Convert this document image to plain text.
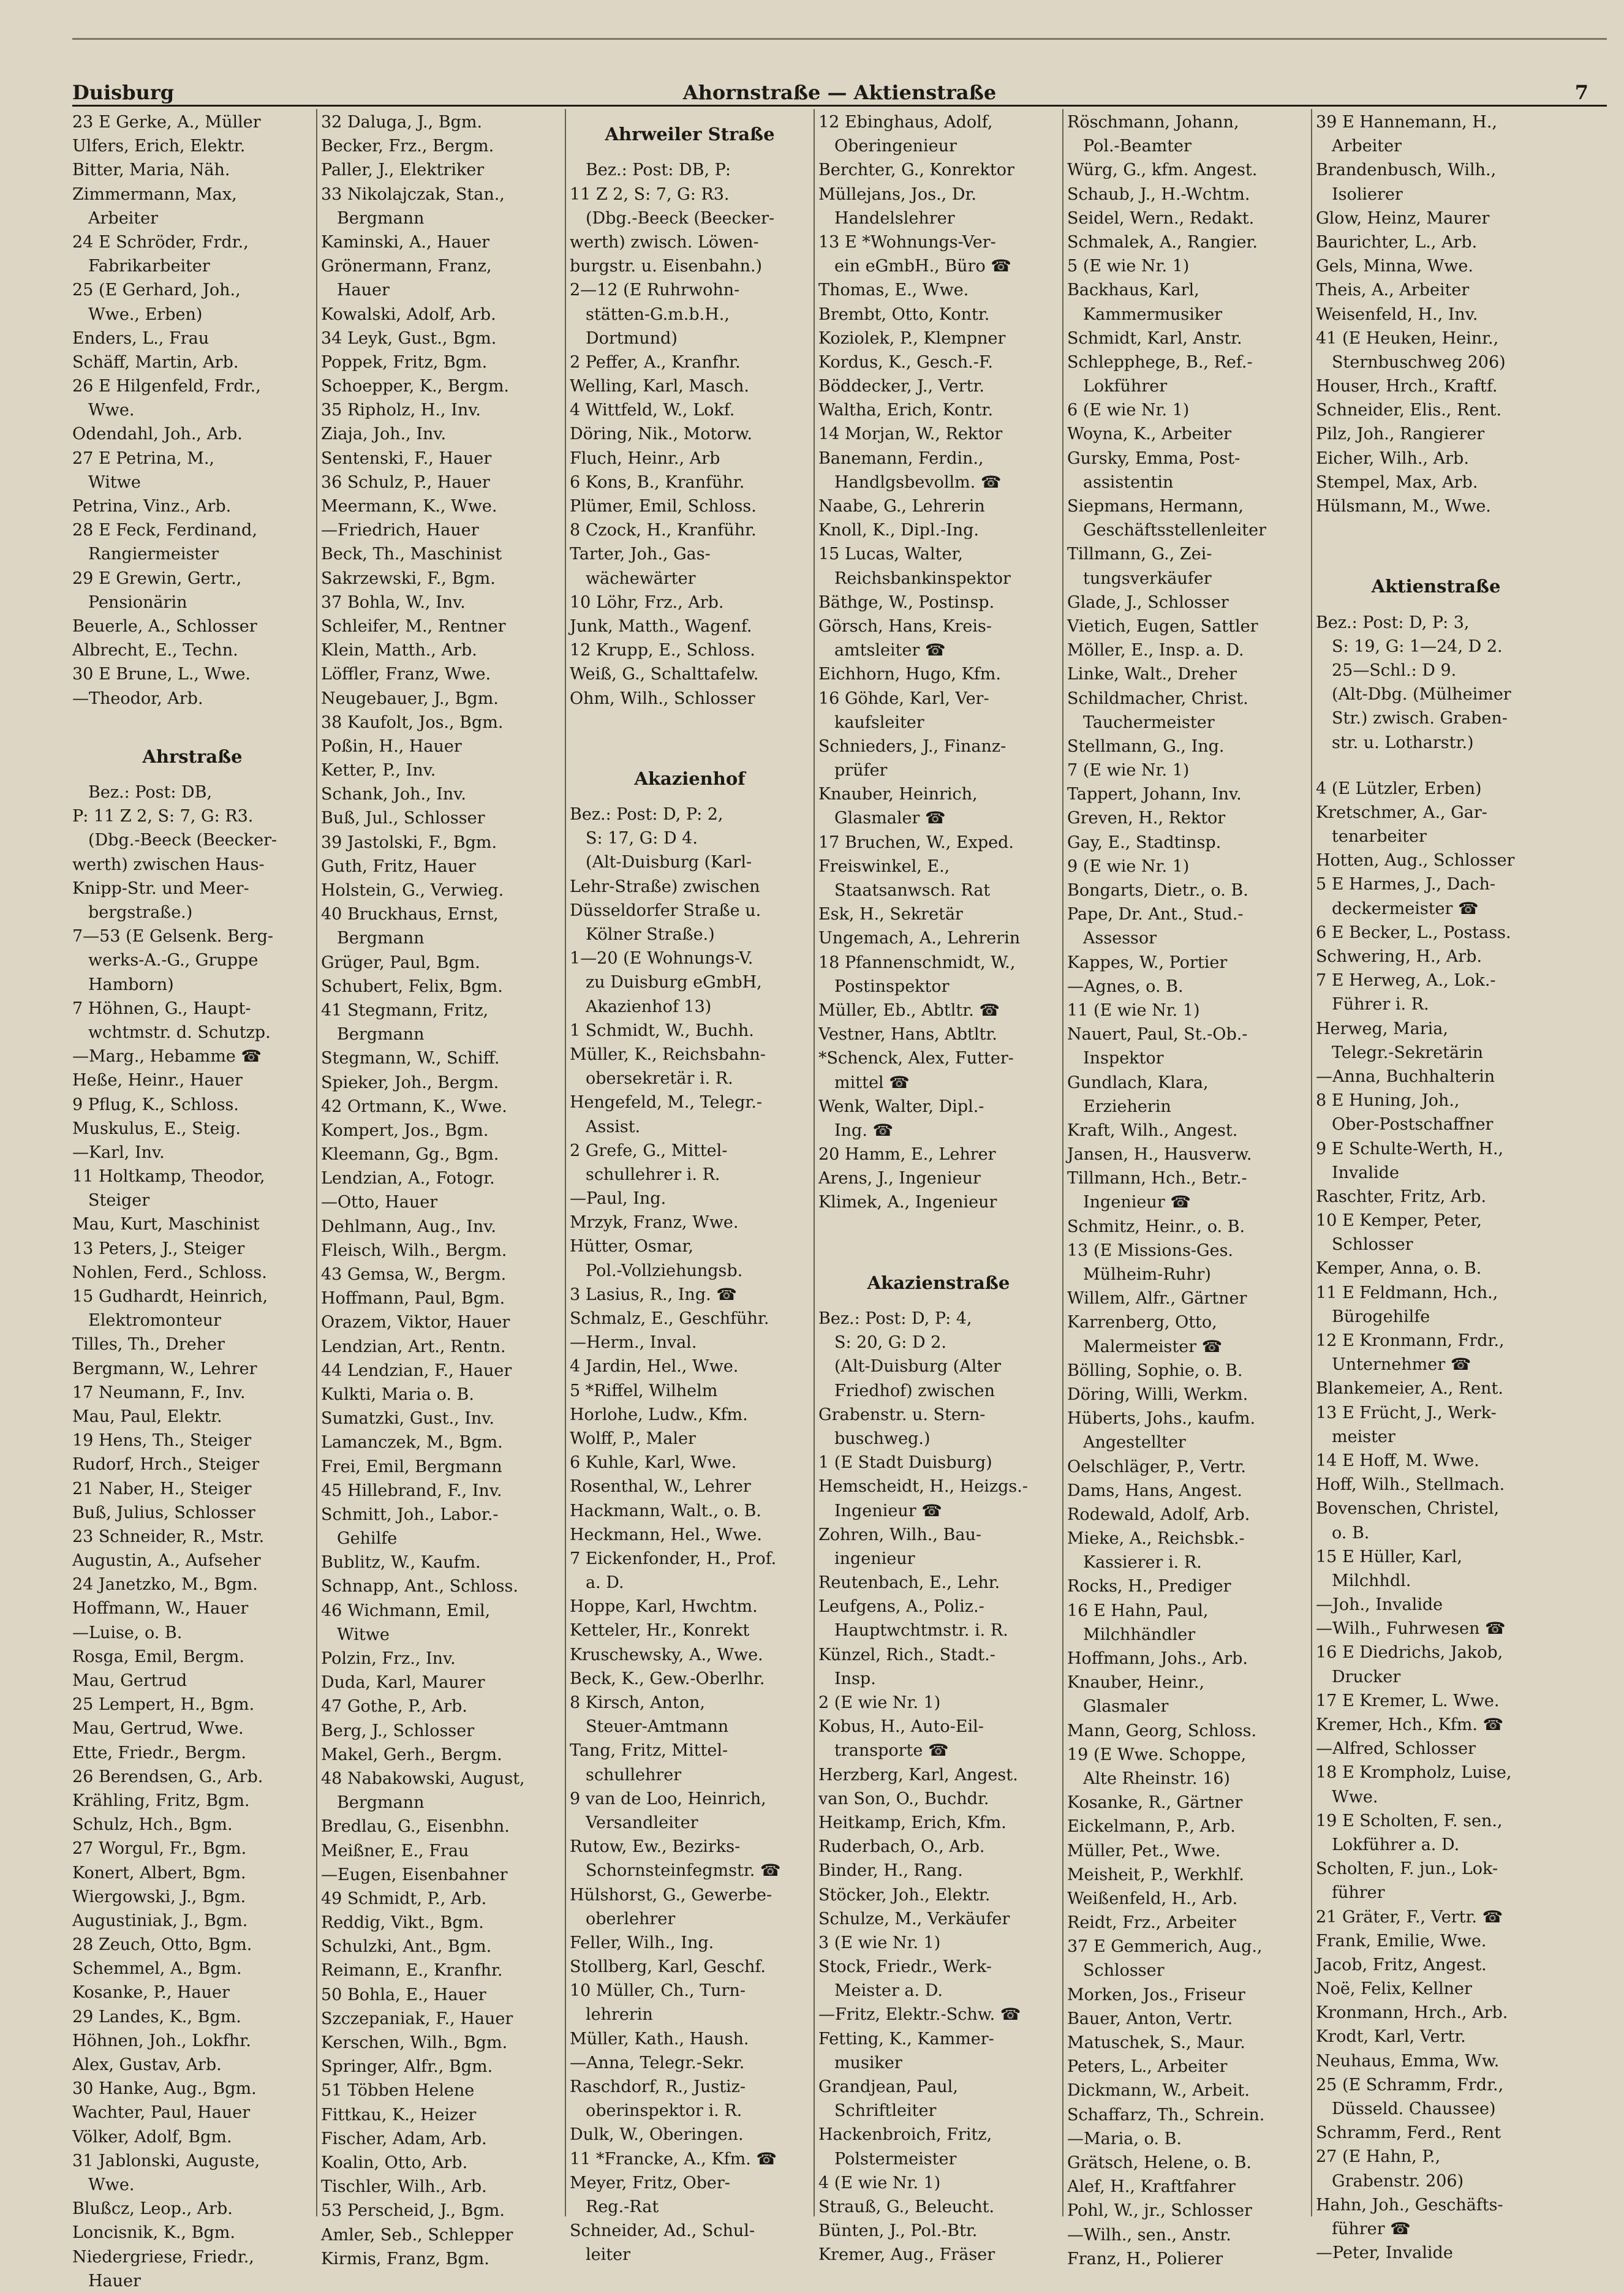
Duisburg	Ahornstraße — Aktienstraße	7
23 E Gerke, A., Müller
Ulfers, Erich, Elektr.
Bitter, Maria, Näh.
Zimmermann, Max,
Arbeiter
24 E Schröder, Frdr.,
Fabrikarbeiter
25 (E Gerhard, Joh.,
Wwe., Erben)
Enders, L., Frau
Schäff, Martin, Arb.
26 E Hilgenfeld, Frdr.,
Wwe.
Odendahl, Joh., Arb.
27 E Petrina, M.,
Witwe
Petrina, Vinz., Arb.
28 E Feck, Ferdinand,
Rangiermeister
29 E Grewin, Gertr.,
Pensionärin
Beuerle, A., Schlosser
Albrecht, E., Techn.
30 E Brune, L., Wwe.
—Theodor, Arb.
Ahrstraße
Bez.: Post: DB,
P: 11 Z 2, S: 7, G: R3.
(Dbg.-Beeck (Beecker-
werth) zwischen Haus-
Knipp-Str. und Meer-
bergstraße.)
7—53 (E Gelsenk. Berg-
werks-A.-G., Gruppe
Hamborn)
7 Höhnen, G., Haupt-
wchtmstr. d. Schutzp.
—Marg., Hebamme ☎
Heße, Heinr., Hauer
9 Pflug, K., Schloss.
Muskulus, E., Steig.
—Karl, Inv.
11 Holtkamp, Theodor,
Steiger
Mau, Kurt, Maschinist
13 Peters, J., Steiger
Nohlen, Ferd., Schloss.
15 Gudhardt, Heinrich,
Elektromonteur
Tilles, Th., Dreher
Bergmann, W., Lehrer
17 Neumann, F., Inv.
Mau, Paul, Elektr.
19 Hens, Th., Steiger
Rudorf, Hrch., Steiger
21 Naber, H., Steiger
Buß, Julius, Schlosser
23 Schneider, R., Mstr.
Augustin, A., Aufseher
24 Janetzko, M., Bgm.
Hoffmann, W., Hauer
—Luise, o. B.
Rosga, Emil, Bergm.
Mau, Gertrud
25 Lempert, H., Bgm.
Mau, Gertrud, Wwe.
Ette, Friedr., Bergm.
26 Berendsen, G., Arb.
Krähling, Fritz, Bgm.
Schulz, Hch., Bgm.
27 Worgul, Fr., Bgm.
Konert, Albert, Bgm.
Wiergowski, J., Bgm.
Augustiniak, J., Bgm.
28 Zeuch, Otto, Bgm.
Schemmel, A., Bgm.
Kosanke, P., Hauer
29 Landes, K., Bgm.
Höhnen, Joh., Lokfhr.
Alex, Gustav, Arb.
30 Hanke, Aug., Bgm.
Wachter, Paul, Hauer
Völker, Adolf, Bgm.
31 Jablonski, Auguste,
Wwe.
Blußcz, Leop., Arb.
Loncisnik, K., Bgm.
Niedergriese, Friedr.,
Hauer
32 Daluga, J., Bgm.
Becker, Frz., Bergm.
Paller, J., Elektriker
33 Nikolajczak, Stan.,
Bergmann
Kaminski, A., Hauer
Grönermann, Franz,
Hauer
Kowalski, Adolf, Arb.
34 Leyk, Gust., Bgm.
Poppek, Fritz, Bgm.
Schoepper, K., Bergm.
35 Ripholz, H., Inv.
Ziaja, Joh., Inv.
Sentenski, F., Hauer
36 Schulz, P., Hauer
Meermann, K., Wwe.
—Friedrich, Hauer
Beck, Th., Maschinist
Sakrzewski, F., Bgm.
37 Bohla, W., Inv.
Schleifer, M., Rentner
Klein, Matth., Arb.
Löffler, Franz, Wwe.
Neugebauer, J., Bgm.
38 Kaufolt, Jos., Bgm.
Poßin, H., Hauer
Ketter, P., Inv.
Schank, Joh., Inv.
Buß, Jul., Schlosser
39 Jastolski, F., Bgm.
Guth, Fritz, Hauer
Holstein, G., Verwieg.
40 Bruckhaus, Ernst,
Bergmann
Grüger, Paul, Bgm.
Schubert, Felix, Bgm.
41 Stegmann, Fritz,
Bergmann
Stegmann, W., Schiff.
Spieker, Joh., Bergm.
42 Ortmann, K., Wwe.
Kompert, Jos., Bgm.
Kleemann, Gg., Bgm.
Lendzian, A., Fotogr.
—Otto, Hauer
Dehlmann, Aug., Inv.
Fleisch, Wilh., Bergm.
43 Gemsa, W., Bergm.
Hoffmann, Paul, Bgm.
Orazem, Viktor, Hauer
Lendzian, Art., Rentn.
44 Lendzian, F., Hauer
Kulkti, Maria o. B.
Sumatzki, Gust., Inv.
Lamanczek, M., Bgm.
Frei, Emil, Bergmann
45 Hillebrand, F., Inv.
Schmitt, Joh., Labor.-
Gehilfe
Bublitz, W., Kaufm.
Schnapp, Ant., Schloss.
46 Wichmann, Emil,
Witwe
Polzin, Frz., Inv.
Duda, Karl, Maurer
47 Gothe, P., Arb.
Berg, J., Schlosser
Makel, Gerh., Bergm.
48 Nabakowski, August,
Bergmann
Bredlau, G., Eisenbhn.
Meißner, E., Frau
—Eugen, Eisenbahner
49 Schmidt, P., Arb.
Reddig, Vikt., Bgm.
Schulzki, Ant., Bgm.
Reimann, E., Kranfhr.
50 Bohla, E., Hauer
Szczepaniak, F., Hauer
Kerschen, Wilh., Bgm.
Springer, Alfr., Bgm.
51 Többen Helene
Fittkau, K., Heizer
Fischer, Adam, Arb.
Koalin, Otto, Arb.
Tischler, Wilh., Arb.
53 Perscheid, J., Bgm.
Amler, Seb., Schlepper
Kirmis, Franz, Bgm.
Ahrweiler Straße
Bez.: Post: DB, P:
11 Z 2, S: 7, G: R3.
(Dbg.-Beeck (Beecker-
werth) zwisch. Löwen-
burgstr. u. Eisenbahn.)
2—12 (E Ruhrwohn-
stätten-G.m.b.H.,
Dortmund)
2 Peffer, A., Kranfhr.
Welling, Karl, Masch.
4 Wittfeld, W., Lokf.
Döring, Nik., Motorw.
Fluch, Heinr., Arb
6 Kons, B., Kranführ.
Plümer, Emil, Schloss.
8 Czock, H., Kranführ.
Tarter, Joh., Gas-
wächewärter
10 Löhr, Frz., Arb.
Junk, Matth., Wagenf.
12 Krupp, E., Schloss.
Weiß, G., Schalttafelw.
Ohm, Wilh., Schlosser
Akazienhof
Bez.: Post: D, P: 2,
S: 17, G: D 4.
(Alt-Duisburg (Karl-
Lehr-Straße) zwischen
Düsseldorfer Straße u.
Kölner Straße.)
1—20 (E Wohnungs-V.
zu Duisburg eGmbH,
Akazienhof 13)
1 Schmidt, W., Buchh.
Müller, K., Reichsbahn-
obersekretär i. R.
Hengefeld, M., Telegr.-
Assist.
2 Grefe, G., Mittel-
schullehrer i. R.
—Paul, Ing.
Mrzyk, Franz, Wwe.
Hütter, Osmar,
Pol.-Vollziehungsb.
3 Lasius, R., Ing. ☎
Schmalz, E., Geschführ.
—Herm., Inval.
4 Jardin, Hel., Wwe.
5 *Riffel, Wilhelm
Horlohe, Ludw., Kfm.
Wolff, P., Maler
6 Kuhle, Karl, Wwe.
Rosenthal, W., Lehrer
Hackmann, Walt., o. B.
Heckmann, Hel., Wwe.
7 Eickenfonder, H., Prof.
a. D.
Hoppe, Karl, Hwchtm.
Ketteler, Hr., Konrekt
Kruschewsky, A., Wwe.
Beck, K., Gew.-Oberlhr.
8 Kirsch, Anton,
Steuer-Amtmann
Tang, Fritz, Mittel-
schullehrer
9 van de Loo, Heinrich,
Versandleiter
Rutow, Ew., Bezirks-
Schornsteinfegmstr. ☎
Hülshorst, G., Gewerbe-
oberlehrer
Feller, Wilh., Ing.
Stollberg, Karl, Geschf.
10 Müller, Ch., Turn-
lehrerin
Müller, Kath., Haush.
—Anna, Telegr.-Sekr.
Raschdorf, R., Justiz-
oberinspektor i. R.
Dulk, W., Oberingen.
11 *Francke, A., Kfm. ☎
Meyer, Fritz, Ober-
Reg.-Rat
Schneider, Ad., Schul-
leiter
12 Ebinghaus, Adolf,
Oberingenieur
Berchter, G., Konrektor
Müllejans, Jos., Dr.
Handelslehrer
13 E *Wohnungs-Ver-
ein eGmbH., Büro ☎
Thomas, E., Wwe.
Brembt, Otto, Kontr.
Koziolek, P., Klempner
Kordus, K., Gesch.-F.
Böddecker, J., Vertr.
Waltha, Erich, Kontr.
14 Morjan, W., Rektor
Banemann, Ferdin.,
Handlgsbevollm. ☎
Naabe, G., Lehrerin
Knoll, K., Dipl.-Ing.
15 Lucas, Walter,
Reichsbankinspektor
Bäthge, W., Postinsp.
Görsch, Hans, Kreis-
amtsleiter ☎
Eichhorn, Hugo, Kfm.
16 Göhde, Karl, Ver-
kaufsleiter
Schnieders, J., Finanz-
prüfer
Knauber, Heinrich,
Glasmaler ☎
17 Bruchen, W., Exped.
Freiswinkel, E.,
Staatsanwsch. Rat
Esk, H., Sekretär
Ungemach, A., Lehrerin
18 Pfannenschmidt, W.,
Postinspektor
Müller, Eb., Abtltr. ☎
Vestner, Hans, Abtltr.
*Schenck, Alex, Futter-
mittel ☎
Wenk, Walter, Dipl.-
Ing. ☎
20 Hamm, E., Lehrer
Arens, J., Ingenieur
Klimek, A., Ingenieur
Akazienstraße
Bez.: Post: D, P: 4,
S: 20, G: D 2.
(Alt-Duisburg (Alter
Friedhof) zwischen
Grabenstr. u. Stern-
buschweg.)
1 (E Stadt Duisburg)
Hemscheidt, H., Heizgs.-
Ingenieur ☎
Zohren, Wilh., Bau-
ingenieur
Reutenbach, E., Lehr.
Leufgens, A., Poliz.-
Hauptwchtmstr. i. R.
Künzel, Rich., Stadt.-
Insp.
2 (E wie Nr. 1)
Kobus, H., Auto-Eil-
transporte ☎
Herzberg, Karl, Angest.
van Son, O., Buchdr.
Heitkamp, Erich, Kfm.
Ruderbach, O., Arb.
Binder, H., Rang.
Stöcker, Joh., Elektr.
Schulze, M., Verkäufer
3 (E wie Nr. 1)
Stock, Friedr., Werk-
Meister a. D.
—Fritz, Elektr.-Schw. ☎
Fetting, K., Kammer-
musiker
Grandjean, Paul,
Schriftleiter
Hackenbroich, Fritz,
Polstermeister
4 (E wie Nr. 1)
Strauß, G., Beleucht.
Bünten, J., Pol.-Btr.
Kremer, Aug., Fräser
Röschmann, Johann,
Pol.-Beamter
Würg, G., kfm. Angest.
Schaub, J., H.-Wchtm.
Seidel, Wern., Redakt.
Schmalek, A., Rangier.
5 (E wie Nr. 1)
Backhaus, Karl,
Kammermusiker
Schmidt, Karl, Anstr.
Schlepphege, B., Ref.-
Lokführer
6 (E wie Nr. 1)
Woyna, K., Arbeiter
Gursky, Emma, Post-
assistentin
Siepmans, Hermann,
Geschäftsstellenleiter
Tillmann, G., Zei-
tungsverkäufer
Glade, J., Schlosser
Vietich, Eugen, Sattler
Möller, E., Insp. a. D.
Linke, Walt., Dreher
Schildmacher, Christ.
Tauchermeister
Stellmann, G., Ing.
7 (E wie Nr. 1)
Tappert, Johann, Inv.
Greven, H., Rektor
Gay, E., Stadtinsp.
9 (E wie Nr. 1)
Bongarts, Dietr., o. B.
Pape, Dr. Ant., Stud.-
Assessor
Kappes, W., Portier
—Agnes, o. B.
11 (E wie Nr. 1)
Nauert, Paul, St.-Ob.-
Inspektor
Gundlach, Klara,
Erzieherin
Kraft, Wilh., Angest.
Jansen, H., Hausverw.
Tillmann, Hch., Betr.-
Ingenieur ☎
Schmitz, Heinr., o. B.
13 (E Missions-Ges.
Mülheim-Ruhr)
Willem, Alfr., Gärtner
Karrenberg, Otto,
Malermeister ☎
Bölling, Sophie, o. B.
Döring, Willi, Werkm.
Hüberts, Johs., kaufm.
Angestellter
Oelschläger, P., Vertr.
Dams, Hans, Angest.
Rodewald, Adolf, Arb.
Mieke, A., Reichsbk.-
Kassierer i. R.
Rocks, H., Prediger
16 E Hahn, Paul,
Milchhändler
Hoffmann, Johs., Arb.
Knauber, Heinr.,
Glasmaler
Mann, Georg, Schloss.
19 (E Wwe. Schoppe,
Alte Rheinstr. 16)
Kosanke, R., Gärtner
Eickelmann, P., Arb.
Müller, Pet., Wwe.
Meisheit, P., Werkhlf.
Weißenfeld, H., Arb.
Reidt, Frz., Arbeiter
37 E Gemmerich, Aug.,
Schlosser
Morken, Jos., Friseur
Bauer, Anton, Vertr.
Matuschek, S., Maur.
Peters, L., Arbeiter
Dickmann, W., Arbeit.
Schaffarz, Th., Schrein.
—Maria, o. B.
Grätsch, Helene, o. B.
Alef, H., Kraftfahrer
Pohl, W., jr., Schlosser
—Wilh., sen., Anstr.
Franz, H., Polierer
39 E Hannemann, H.,
Arbeiter
Brandenbusch, Wilh.,
Isolierer
Glow, Heinz, Maurer
Baurichter, L., Arb.
Gels, Minna, Wwe.
Theis, A., Arbeiter
Weisenfeld, H., Inv.
41 (E Heuken, Heinr.,
Sternbuschweg 206)
Houser, Hrch., Kraftf.
Schneider, Elis., Rent.
Pilz, Joh., Rangierer
Eicher, Wilh., Arb.
Stempel, Max, Arb.
Hülsmann, M., Wwe.
Aktienstraße
Bez.: Post: D, P: 3,
S: 19, G: 1—24, D 2.
25—Schl.: D 9.
(Alt-Dbg. (Mülheimer
Str.) zwisch. Graben-
str. u. Lotharstr.)
4 (E Lützler, Erben)
Kretschmer, A., Gar-
tenarbeiter
Hotten, Aug., Schlosser
5 E Harmes, J., Dach-
deckermeister ☎
6 E Becker, L., Postass.
Schwering, H., Arb.
7 E Herweg, A., Lok.-
Führer i. R.
Herweg, Maria,
Telegr.-Sekretärin
—Anna, Buchhalterin
8 E Huning, Joh.,
Ober-Postschaffner
9 E Schulte-Werth, H.,
Invalide
Raschter, Fritz, Arb.
10 E Kemper, Peter,
Schlosser
Kemper, Anna, o. B.
11 E Feldmann, Hch.,
Bürogehilfe
12 E Kronmann, Frdr.,
Unternehmer ☎
Blankemeier, A., Rent.
13 E Frücht, J., Werk-
meister
14 E Hoff, M. Wwe.
Hoff, Wilh., Stellmach.
Bovenschen, Christel,
o. B.
15 E Hüller, Karl,
Milchhdl.
—Joh., Invalide
—Wilh., Fuhrwesen ☎
16 E Diedrichs, Jakob,
Drucker
17 E Kremer, L. Wwe.
Kremer, Hch., Kfm. ☎
—Alfred, Schlosser
18 E Krompholz, Luise,
Wwe.
19 E Scholten, F. sen.,
Lokführer a. D.
Scholten, F. jun., Lok-
führer
21 Gräter, F., Vertr. ☎
Frank, Emilie, Wwe.
Jacob, Fritz, Angest.
Noë, Felix, Kellner
Kronmann, Hrch., Arb.
Krodt, Karl, Vertr.
Neuhaus, Emma, Ww.
25 (E Schramm, Frdr.,
Düsseld. Chaussee)
Schramm, Ferd., Rent
27 (E Hahn, P.,
Grabenstr. 206)
Hahn, Joh., Geschäfts-
führer ☎
—Peter, Invalide
